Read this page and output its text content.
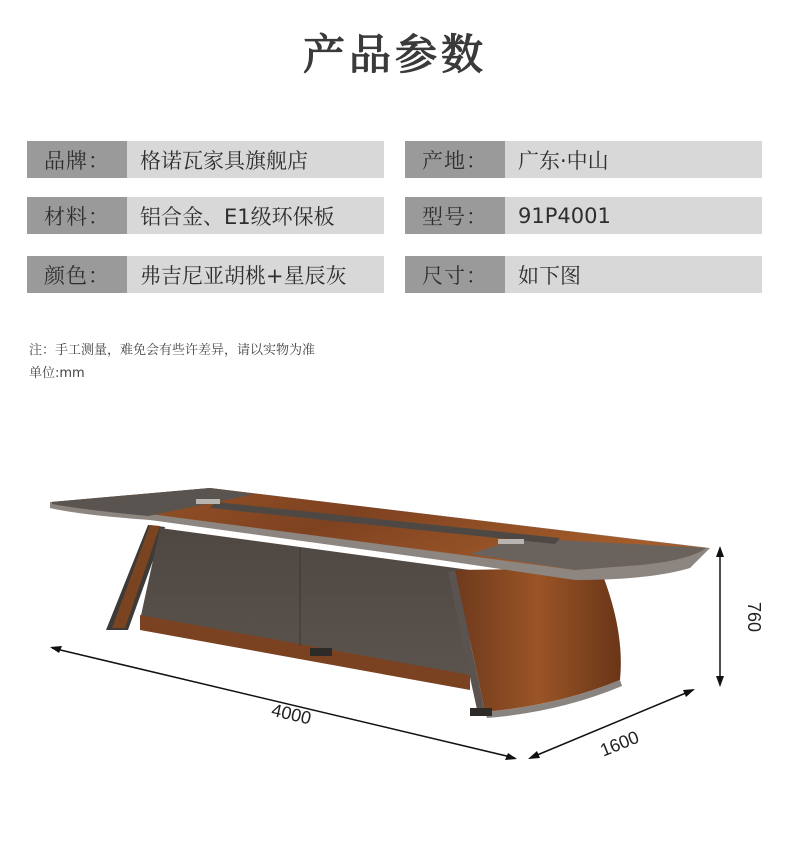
产品参数
品牌：	格诺瓦家具旗舰店	产地：	广东·中山
材料：	铝合金、E1级环保板	型号：	91P4001
颜色：	弗吉尼亚胡桃+星辰灰	尺寸：	如下图
注：手工测量，难免会有些许差异，请以实物为准
单位:mm
4000
1600
760
